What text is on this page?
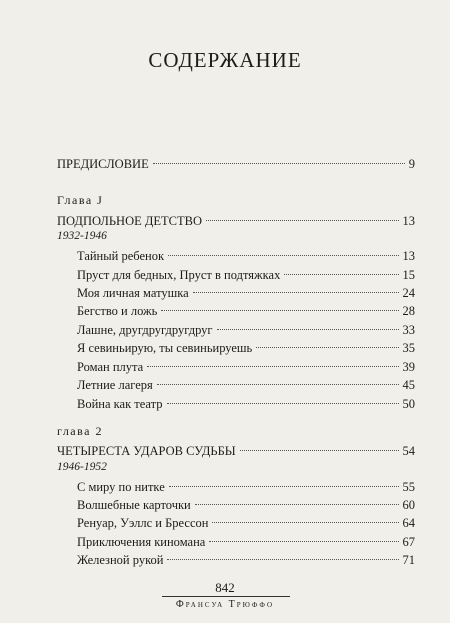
СОДЕРЖАНИЕ
ПРЕДИСЛОВИЕ	9
Глава J
ПОДПОЛЬНОЕ ДЕТСТВО	13
1932-1946
Тайный ребенок	13
Пруст для бедных, Пруст в подтяжках	15
Моя личная матушка	24
Бегство и ложь	28
Лашне, другдругдругдруг	33
Я севиньирую, ты севиньируешь	35
Роман плута	39
Летние лагеря	45
Война как театр	50
глава 2
ЧЕТЫРЕСТА УДАРОВ СУДЬБЫ	54
1946-1952
С миру по нитке	55
Волшебные карточки	60
Ренуар, Уэллс и Брессон	64
Приключения киномана	67
Железной рукой	71
842
Франсуа Трюффо
